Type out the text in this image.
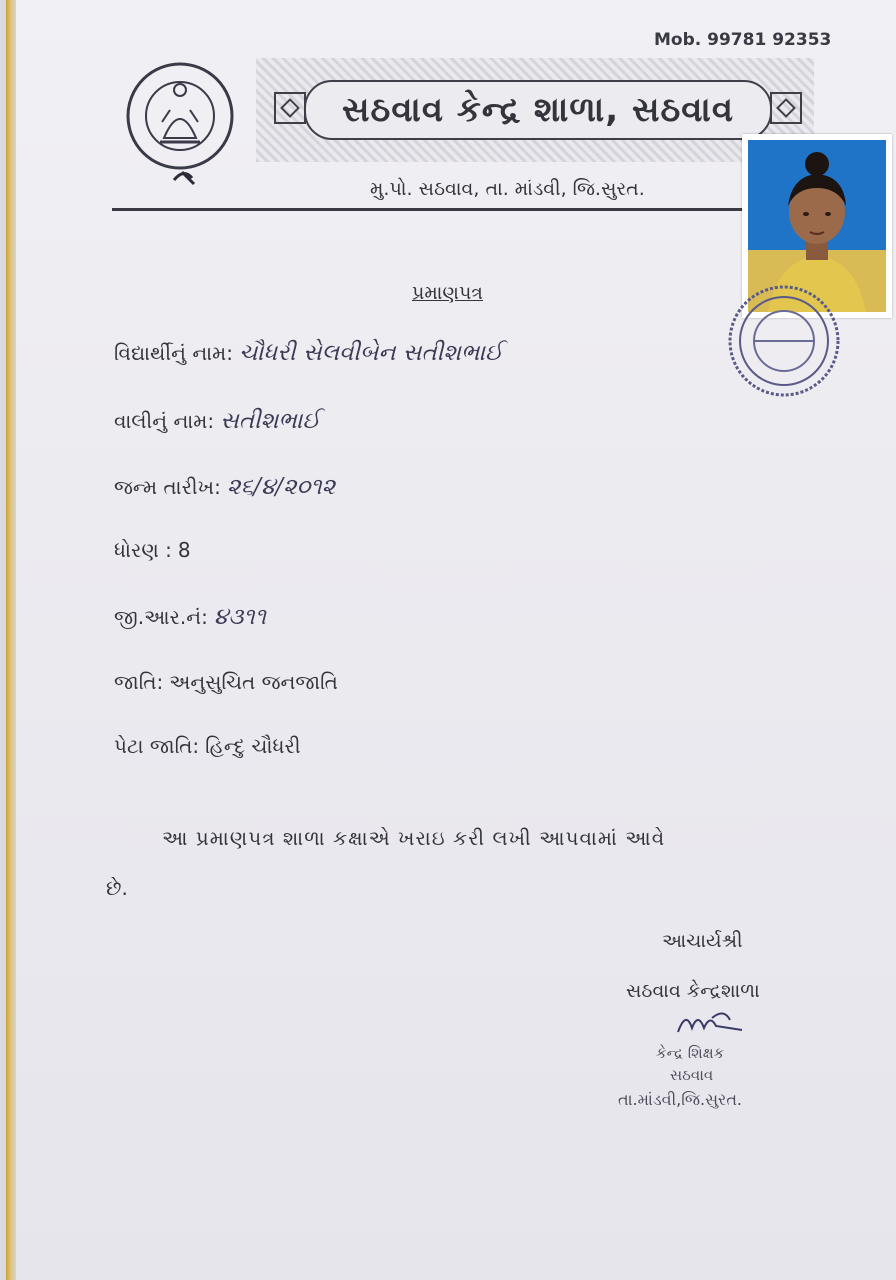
Mob. 99781 92353
સઠવાવ કેન્દ્ર શાળા, સઠવાવ
મુ.પો. સઠવાવ, તા. માંડવી, જિ.સુરત.
પ્રમાણપત્ર
વિદ્યાર્થીનું નામ: ચૌધરી સેલવીબેન સતીશભાઈ
વાલીનું નામ: સતીશભાઈ
જન્મ તારીખ: ૨૬/૪/૨૦૧૨
ધોરણ : 8
જી.આર.નં: ૪૩૧૧
જાતિ: અનુસુચિત જનજાતિ
પેટા જાતિ: હિન્દુ ચૌધરી
આ પ્રમાણપત્ર શાળા કક્ષાએ ખરાઇ કરી લખી આપવામાં આવે
છે.
આચાર્યશ્રી
સઠવાવ કેન્દ્રશાળા
કેન્દ્ર શિક્ષક
સઠવાવ
તા.માંડવી,જિ.સુરત.
